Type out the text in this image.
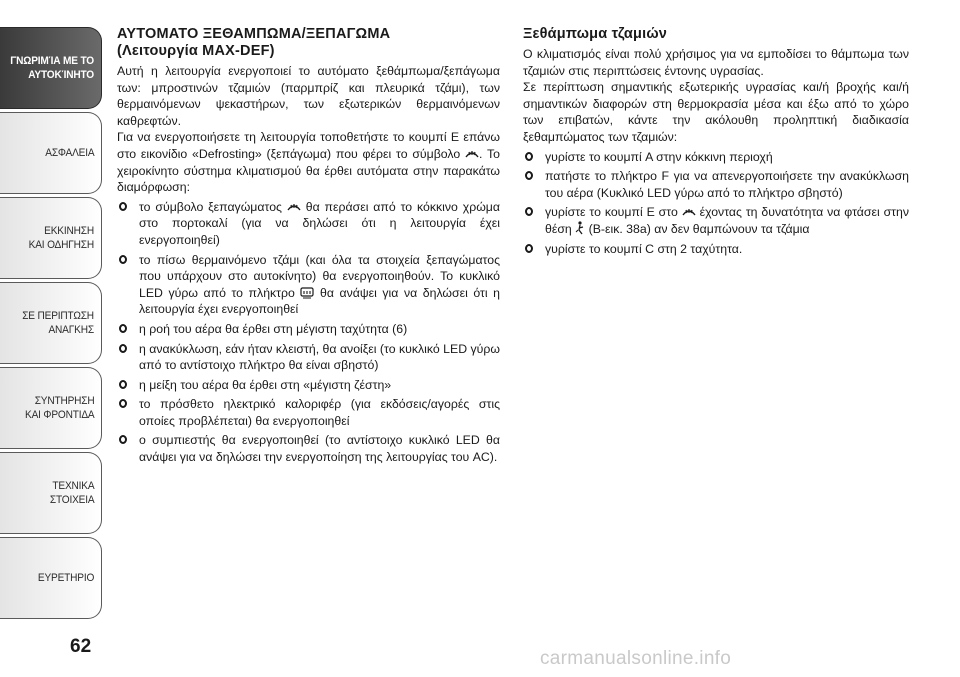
ΓΝΩΡΙΜΊΑ ΜΕ ΤΟ
ΑΥΤΟΚΊΝΗΤΟ
ΑΣΦΑΛΕΙΑ
ΕΚΚΙΝΗΣΗ
ΚΑΙ ΟΔΗΓΗΣΗ
ΣΕ ΠΕΡΙΠΤΩΣΗ
ΑΝΑΓΚΗΣ
ΣΥΝΤΗΡΗΣΗ
ΚΑΙ ΦΡΟΝΤΙΔΑ
ΤΕΧΝΙΚΑ
ΣΤΟΙΧΕΙΑ
ΕΥΡΕΤΗΡΙΟ
62
ΑΥΤΟΜΑΤΟ ΞΕΘΑΜΠΩΜΑ/ΞΕΠΑΓΩΜΑ
(Λειτουργία MAX-DEF)

Αυτή η λειτουργία ενεργοποιεί το αυτόματο ξεθάμπωμα/ξεπάγωμα των: μπροστινών τζαμιών (παρμπρίζ και πλευρικά τζάμι), των θερμαινόμενων ψεκαστήρων, των εξωτερικών θερμαινόμενων καθρεφτών.

Για να ενεργοποιήσετε τη λειτουργία τοποθετήστε το κουμπί E επάνω στο εικονίδιο «Defrosting» (ξεπάγωμα) που φέρει το σύμβολο . Το χειροκίνητο σύστημα κλιματισμού θα έρθει αυτόματα στην παρακάτω διαμόρφωση:

το σύμβολο ξεπαγώματος θα περάσει από το κόκκινο χρώμα στο πορτοκαλί (για να δηλώσει ότι η λειτουργία έχει ενεργοποιηθεί)
το πίσω θερμαινόμενο τζάμι (και όλα τα στοιχεία ξεπαγώματος που υπάρχουν στο αυτοκίνητο) θα ενεργοποιηθούν. Το κυκλικό LED γύρω από το πλήκτρο θα ανάψει για να δηλώσει ότι η λειτουργία έχει ενεργοποιηθεί
η ροή του αέρα θα έρθει στη μέγιστη ταχύτητα (6)
η ανακύκλωση, εάν ήταν κλειστή, θα ανοίξει (το κυκλικό LED γύρω από το αντίστοιχο πλήκτρο θα είναι σβηστό)
η μείξη του αέρα θα έρθει στη «μέγιστη ζέστη»
το πρόσθετο ηλεκτρικό καλοριφέρ (για εκδόσεις/αγορές στις οποίες προβλέπεται) θα ενεργοποιηθεί
ο συμπιεστής θα ενεργοποιηθεί (το αντίστοιχο κυκλικό LED θα ανάψει για να δηλώσει την ενεργοποίηση της λειτουργίας του AC).
Ξεθάμπωμα τζαμιών

Ο κλιματισμός είναι πολύ χρήσιμος για να εμποδίσει το θάμπωμα των τζαμιών στις περιπτώσεις έντονης υγρασίας.

Σε περίπτωση σημαντικής εξωτερικής υγρασίας και/ή βροχής και/ή σημαντικών διαφορών στη θερμοκρασία μέσα και έξω από το χώρο των επιβατών, κάντε την ακόλουθη προληπτική διαδικασία ξεθαμπώματος των τζαμιών:

γυρίστε το κουμπί A στην κόκκινη περιοχή
πατήστε το πλήκτρο F για να απενεργοποιήσετε την ανακύκλωση του αέρα (Κυκλικό LED γύρω από το πλήκτρο σβηστό)
γυρίστε το κουμπί E στο έχοντας τη δυνατότητα να φτάσει στην θέση (Β-εικ. 38a) αν δεν θαμπώνουν τα τζάμια
γυρίστε το κουμπί C στη 2 ταχύτητα.
carmanualsonline.info
